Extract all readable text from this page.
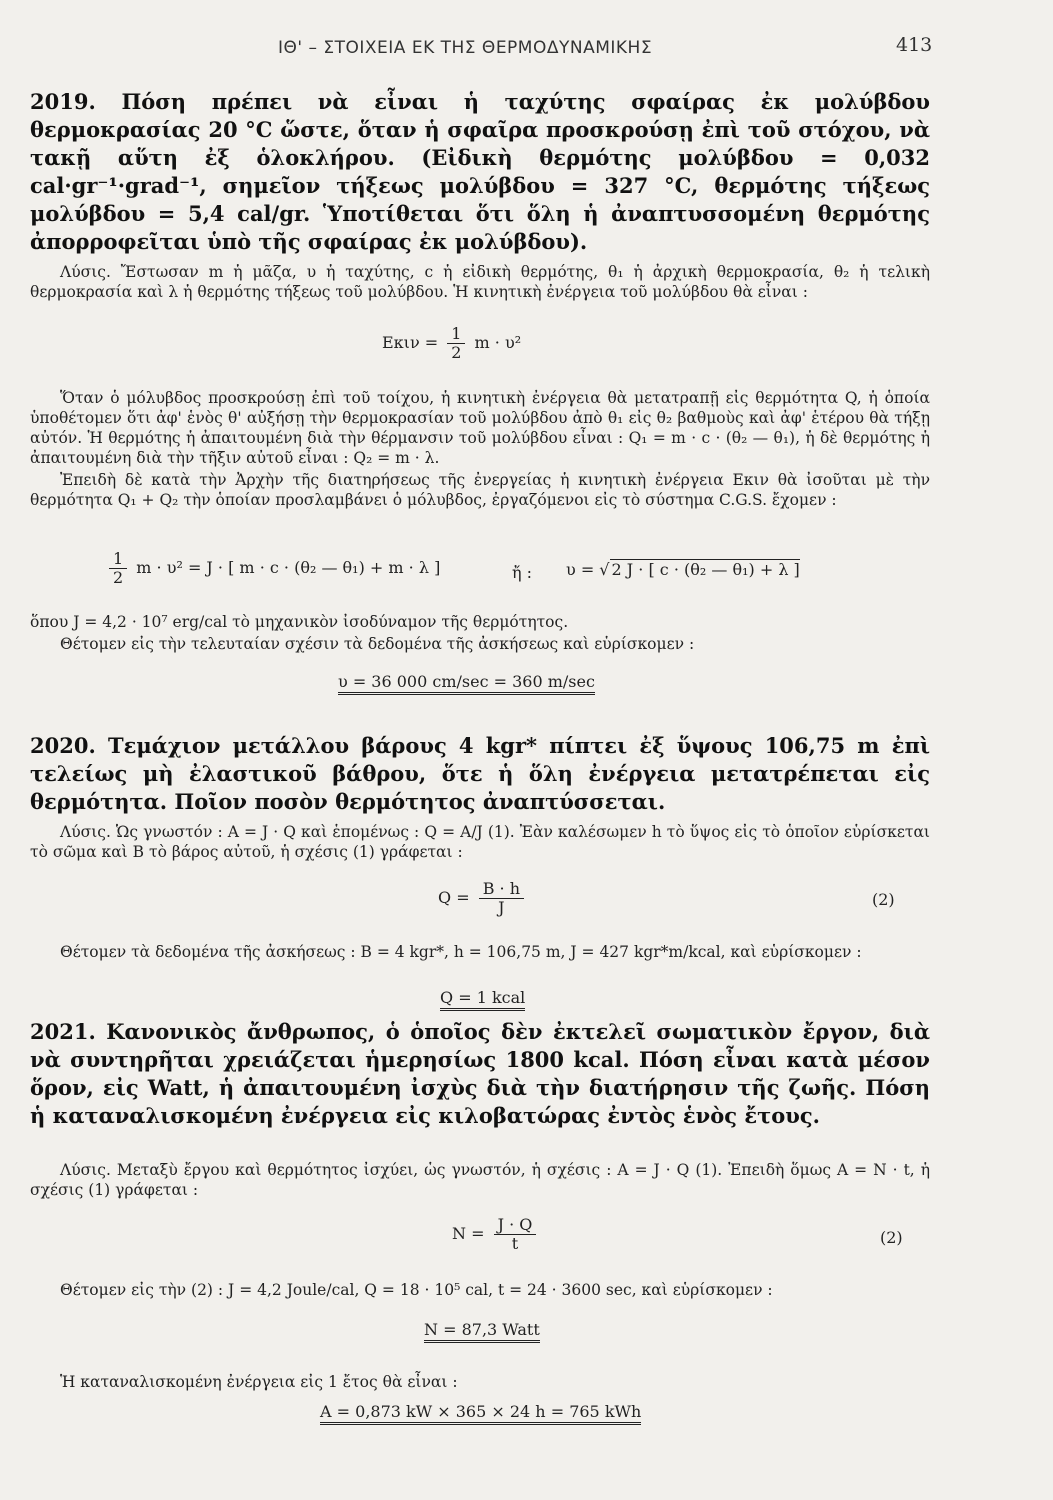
ΙΘ' – ΣΤΟΙΧΕΙΑ ΕΚ ΤΗΣ ΘΕΡΜΟΔΥΝΑΜΙΚΗΣ	413
2019. Πόση πρέπει νὰ εἶναι ἡ ταχύτης σφαίρας ἐκ μολύβδου θερμοκρασίας 20 °C ὥστε, ὅταν ἡ σφαῖρα προσκρούσῃ ἐπὶ τοῦ στόχου, νὰ τακῇ αὕτη ἐξ ὁλοκλήρου. (Εἰδικὴ θερμότης μολύβδου = 0,032 cal·gr⁻¹·grad⁻¹, σημεῖον τήξεως μολύβδου = 327 °C, θερμότης τήξεως μολύβδου = 5,4 cal/gr. Ὑποτίθεται ὅτι ὅλη ἡ ἀναπτυσσομένη θερμότης ἀπορροφεῖται ὑπὸ τῆς σφαίρας ἐκ μολύβδου).
Λύσις. Ἔστωσαν m ἡ μᾶζα, υ ἡ ταχύτης, c ἡ εἰδικὴ θερμότης, θ₁ ἡ ἀρχικὴ θερμοκρασία, θ₂ ἡ τελικὴ θερμοκρασία καὶ λ ἡ θερμότης τήξεως τοῦ μολύβδου. Ἡ κινητικὴ ἐνέργεια τοῦ μολύβδου θὰ εἶναι :
$E\kappa\iota\nu = \frac{1}{2}$ m · υ²
Ὅταν ὁ μόλυβδος προσκρούσῃ ἐπὶ τοῦ τοίχου, ἡ κινητικὴ ἐνέργεια θὰ μετατραπῇ εἰς θερμότητα Q, ἡ ὁποία ὑποθέτομεν ὅτι ἀφ' ἑνὸς θ' αὐξήσῃ τὴν θερμοκρασίαν τοῦ μολύβδου ἀπὸ θ₁ εἰς θ₂ βαθμοὺς καὶ ἀφ' ἑτέρου θὰ τήξῃ αὐτόν. Ἡ θερμότης ἡ ἀπαιτουμένη διὰ τὴν θέρμανσιν τοῦ μολύβδου εἶναι : Q₁ = m · c · (θ₂ — θ₁), ἡ δὲ θερμότης ἡ ἀπαιτουμένη διὰ τὴν τῆξιν αὐτοῦ εἶναι : Q₂ = m · λ.
Ἐπειδὴ δὲ κατὰ τὴν Ἀρχὴν τῆς διατηρήσεως τῆς ἐνεργείας ἡ κινητικὴ ἐνέργεια Eκιν θὰ ἰσοῦται μὲ τὴν θερμότητα Q₁ + Q₂ τὴν ὁποίαν προσλαμβάνει ὁ μόλυβδος, ἐργαζόμενοι εἰς τὸ σύστημα C.G.S. ἔχομεν :
$\frac{1}{2}$ m · υ² = J · [ m · c · (θ₂ — θ₁) + m · λ ]	ἤ : υ = √ 2 J · [ c · (θ₂ — θ₁) + λ ]
ὅπου J = 4,2 · 10⁷ erg/cal τὸ μηχανικὸν ἰσοδύναμον τῆς θερμότητος.
Θέτομεν εἰς τὴν τελευταίαν σχέσιν τὰ δεδομένα τῆς ἀσκήσεως καὶ εὑρίσκομεν :
υ = 36 000 cm/sec = 360 m/sec
2020. Τεμάχιον μετάλλου βάρους 4 kgr* πίπτει ἐξ ὕψους 106,75 m ἐπὶ τελείως μὴ ἐλαστικοῦ βάθρου, ὅτε ἡ ὅλη ἐνέργεια μετατρέπεται εἰς θερμότητα. Ποῖον ποσὸν θερμότητος ἀναπτύσσεται.
Λύσις. Ὡς γνωστόν : A = J · Q καὶ ἑπομένως : Q = A/J (1). Ἐὰν καλέσωμεν h τὸ ὕψος εἰς τὸ ὁποῖον εὑρίσκεται τὸ σῶμα καὶ B τὸ βάρος αὐτοῦ, ἡ σχέσις (1) γράφεται :
$Q = \frac{B \cdot h}{J}$	(2)
Θέτομεν τὰ δεδομένα τῆς ἀσκήσεως : B = 4 kgr*, h = 106,75 m, J = 427 kgr*m/kcal, καὶ εὑρίσκομεν :
Q = 1 kcal
2021. Κανονικὸς ἄνθρωπος, ὁ ὁποῖος δὲν ἐκτελεῖ σωματικὸν ἔργον, διὰ νὰ συντηρῆται χρειάζεται ἡμερησίως 1800 kcal. Πόση εἶναι κατὰ μέσον ὅρον, εἰς Watt, ἡ ἀπαιτουμένη ἰσχὺς διὰ τὴν διατήρησιν τῆς ζωῆς. Πόση ἡ καταναλισκομένη ἐνέργεια εἰς κιλοβατώρας ἐντὸς ἑνὸς ἔτους.
Λύσις. Μεταξὺ ἔργου καὶ θερμότητος ἰσχύει, ὡς γνωστόν, ἡ σχέσις : A = J · Q (1). Ἐπειδὴ ὅμως A = N · t, ἡ σχέσις (1) γράφεται :
$N = \frac{J \cdot Q}{t}$	(2)
Θέτομεν εἰς τὴν (2) : J = 4,2 Joule/cal, Q = 18 · 10⁵ cal, t = 24 · 3600 sec, καὶ εὑρίσκομεν :
N = 87,3 Watt
Ἡ καταναλισκομένη ἐνέργεια εἰς 1 ἔτος θὰ εἶναι :
A = 0,873 kW × 365 × 24 h = 765 kWh
